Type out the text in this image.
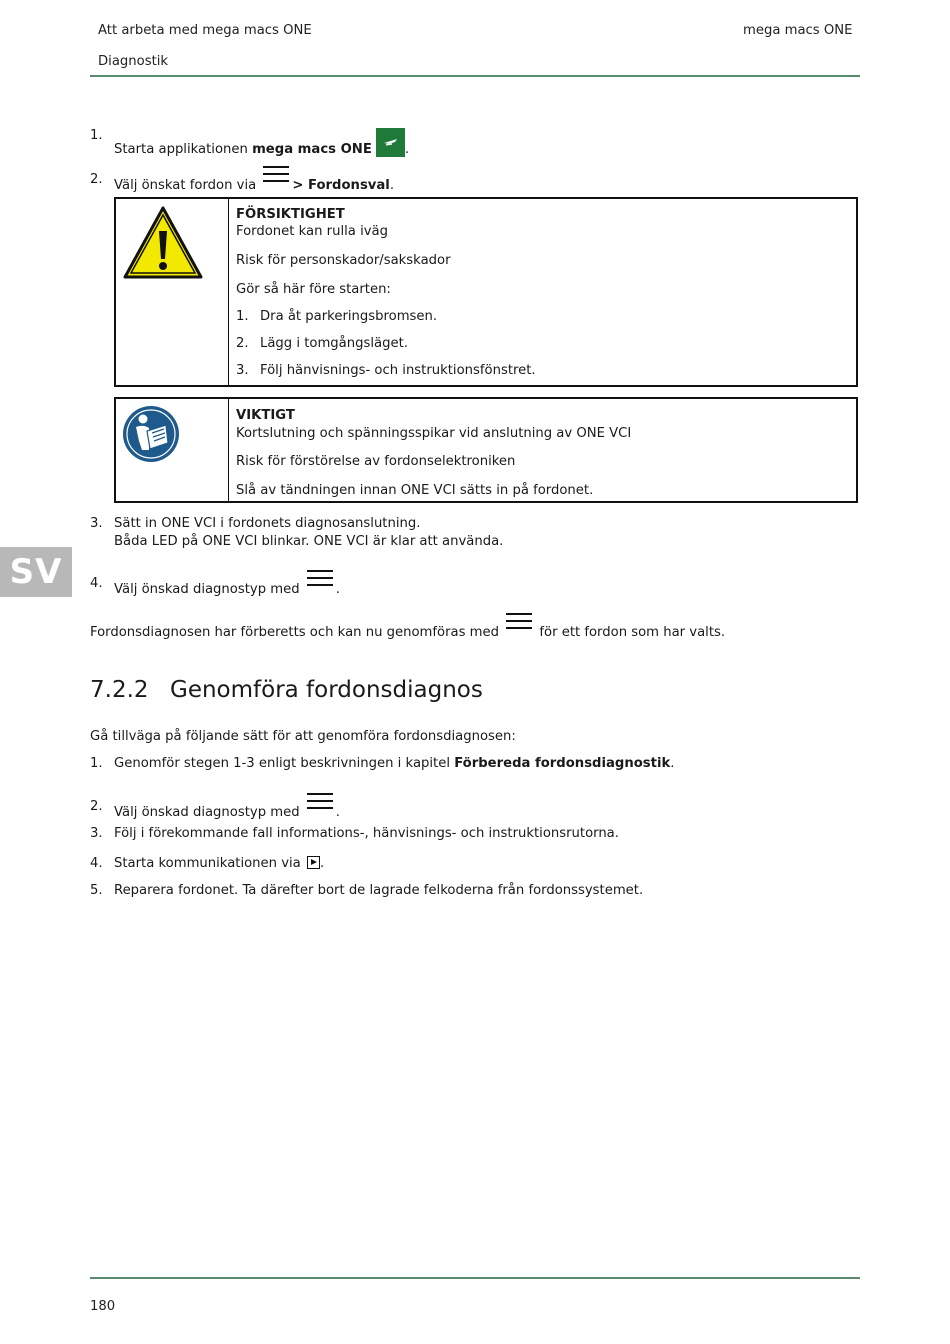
Att arbeta med mega macs ONE	mega macs ONE
Diagnostik
SV
1.
Starta applikationen mega macs ONE	.
2. Välj önskat fordon via
> Fordonsval.
FÖRSIKTIGHET
Fordonet kan rulla iväg
Risk för personskador/sakskador
Gör så här före starten:
1. Dra åt parkeringsbromsen.
2. Lägg i tomgångsläget.
3. Följ hänvisnings- och instruktionsfönstret.
VIKTIGT
Kortslutning och spänningsspikar vid anslutning av ONE VCI
Risk för förstörelse av fordonselektroniken
Slå av tändningen innan ONE VCI sätts in på fordonet.
3. Sätt in ONE VCI i fordonets diagnosanslutning.
Båda LED på ONE VCI blinkar. ONE VCI är klar att använda.
4. Välj önskad diagnostyp med
.
Fordonsdiagnosen har förberetts och kan nu genomföras med
för ett fordon som har valts.
7.2.2 Genomföra fordonsdiagnos
Gå tillväga på följande sätt för att genomföra fordonsdiagnosen:
1. Genomför stegen 1-3 enligt beskrivningen i kapitel Förbereda fordonsdiagnostik.
2. Välj önskad diagnostyp med
.
3. Följ i förekommande fall informations-, hänvisnings- och instruktionsrutorna.
4. Starta kommunikationen via .
5. Reparera fordonet. Ta därefter bort de lagrade felkoderna från fordonssystemet.
180
